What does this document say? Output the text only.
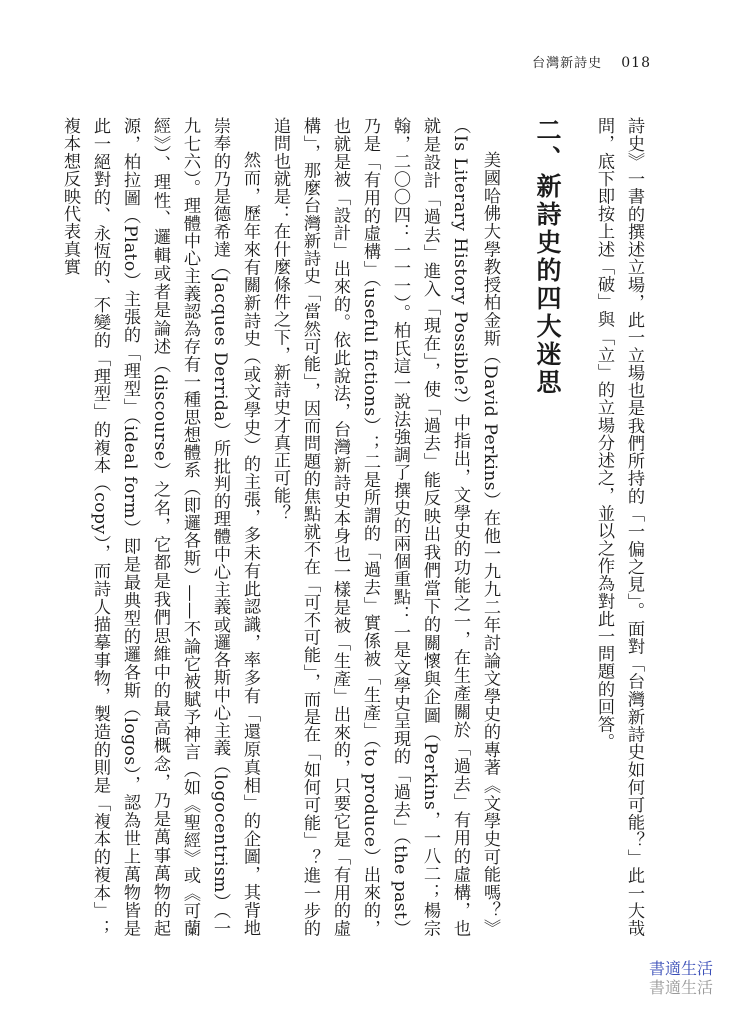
台灣新詩史 018

詩史》一書的撰述立場，此一立場也是我們所持的「一偏之見」。面對「台灣新詩史如何可能？」此一大哉問，底下即按上述「破」與「立」的立場分述之，並以之作為對此一問題的回答。

二、新詩史的四大迷思

美國哈佛大學教授柏金斯（David Perkins）在他一九九二年討論文學史的專著《文學史可能嗎？》（Is Literary History Possible?）中指出，文學史的功能之一，在生產關於「過去」有用的虛構，也就是設計「過去」進入「現在」，使「過去」能反映出我們當下的關懷與企圖（Perkins，一八二；楊宗翰，二〇〇四：一一一）。柏氏這一說法強調了撰史的兩個重點：一是文學史呈現的「過去」（the past）乃是「有用的虛構」（useful fictions）；二是所謂的「過去」實係被「生產」（to produce）出來的，也就是被「設計」出來的。依此說法，台灣新詩史本身也一樣是被「生產」出來的，只要它是「有用的虛構」，那麼台灣新詩史「當然可能」，因而問題的焦點就不在「可不可能」，而是在「如何可能」？進一步的追問也就是：在什麼條件之下，新詩史才真正可能？

然而，歷年來有關新詩史（或文學史）的主張，多未有此認識，率多有「還原真相」的企圖，其背地崇奉的乃是德希達（Jacques Derrida）所批判的理體中心主義或邏各斯中心主義（logocentrism）（一九七六）。理體中心主義認為存有一種思想體系（即邏各斯）——不論它被賦予神言（如《聖經》或《可蘭經》）、理性、邏輯或者是論述（discourse）之名，它都是我們思維中的最高概念，乃是萬事萬物的起源，柏拉圖（Plato）主張的「理型」（ideal form）即是最典型的邏各斯（logos），認為世上萬物皆是此一絕對的、永恆的、不變的「理型」的複本（copy），而詩人描摹事物，製造的則是「複本的複本」；複本想反映代表真實

書適生活
書適生活
